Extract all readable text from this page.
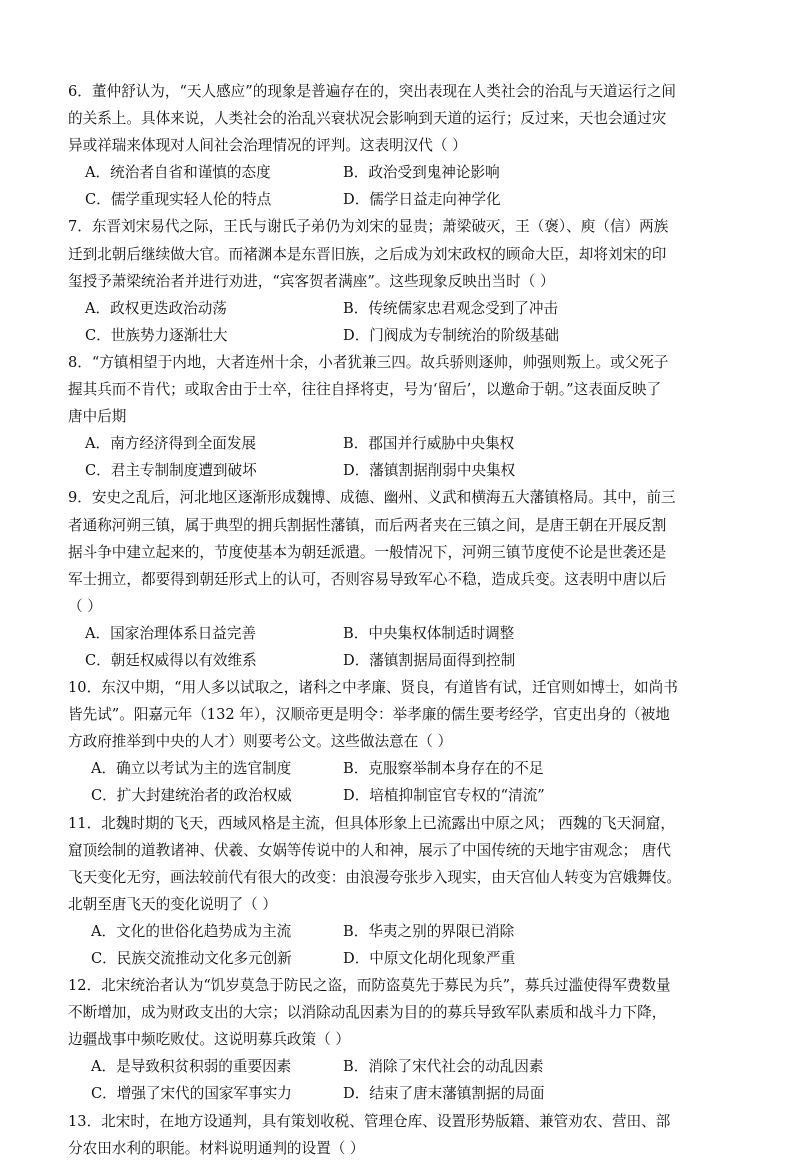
6．董仲舒认为，“天人感应”的现象是普遍存在的，突出表现在人类社会的治乱与天道运行之间
的关系上。具体来说，人类社会的治乱兴衰状况会影响到天道的运行；反过来，天也会通过灾
异或祥瑞来体现对人间社会治理情况的评判。这表明汉代（ ）
A．统治者自省和谨慎的态度	B．政治受到鬼神论影响
C．儒学重现实轻人伦的特点	D．儒学日益走向神学化
7．东晋刘宋易代之际，王氏与谢氏子弟仍为刘宋的显贵；萧梁破灭，王（褒）、庾（信）两族
迁到北朝后继续做大官。而褚渊本是东晋旧族，之后成为刘宋政权的顾命大臣，却将刘宋的印
玺授予萧梁统治者并进行劝进，“宾客贺者满座”。这些现象反映出当时（ ）
A．政权更迭政治动荡	B．传统儒家忠君观念受到了冲击
C．世族势力逐渐壮大	D．门阀成为专制统治的阶级基础
8．“方镇相望于内地，大者连州十余，小者犹兼三四。故兵骄则逐帅，帅强则叛上。或父死子
握其兵而不肯代；或取舍由于士卒，往往自择将吏，号为‘留后’，以邀命于朝。”这表面反映了
唐中后期
A．南方经济得到全面发展	B．郡国并行威胁中央集权
C．君主专制制度遭到破坏	D．藩镇割据削弱中央集权
9．安史之乱后，河北地区逐渐形成魏博、成德、幽州、义武和横海五大藩镇格局。其中，前三
者通称河朔三镇，属于典型的拥兵割据性藩镇，而后两者夹在三镇之间，是唐王朝在开展反割
据斗争中建立起来的，节度使基本为朝廷派遣。一般情况下，河朔三镇节度使不论是世袭还是
军士拥立，都要得到朝廷形式上的认可，否则容易导致军心不稳，造成兵变。这表明中唐以后
（ ）
A．国家治理体系日益完善	B．中央集权体制适时调整
C．朝廷权威得以有效维系	D．藩镇割据局面得到控制
10．东汉中期，“用人多以试取之，诸科之中孝廉、贤良，有道皆有试，迁官则如博士，如尚书
皆先试”。阳嘉元年（132 年），汉顺帝更是明令：举孝廉的儒生要考经学，官吏出身的（被地
方政府推举到中央的人才）则要考公文。这些做法意在（ ）
A．确立以考试为主的选官制度	B．克服察举制本身存在的不足
C．扩大封建统治者的政治权威	D．培植抑制宦官专权的“清流”
11．北魏时期的飞天，西域风格是主流，但具体形象上已流露出中原之风； 西魏的飞天洞窟，
窟顶绘制的道教诸神、伏羲、女娲等传说中的人和神，展示了中国传统的天地宇宙观念； 唐代
飞天变化无穷，画法较前代有很大的改变：由浪漫夸张步入现实，由天宫仙人转变为宫娥舞伎。
北朝至唐飞天的变化说明了（ ）
A．文化的世俗化趋势成为主流	B．华夷之别的界限已消除
C．民族交流推动文化多元创新	D．中原文化胡化现象严重
12．北宋统治者认为“饥岁莫急于防民之盗，而防盗莫先于募民为兵”，募兵过滥使得军费数量
不断增加，成为财政支出的大宗；以消除动乱因素为目的的募兵导致军队素质和战斗力下降，
边疆战事中频吃败仗。这说明募兵政策（ ）
A．是导致积贫积弱的重要因素	B．消除了宋代社会的动乱因素
C．增强了宋代的国家军事实力	D．结束了唐末藩镇割据的局面
13．北宋时，在地方设通判，具有策划收税、管理仓库、设置形势版籍、兼管劝农、营田、部
分农田水利的职能。材料说明通判的设置（ ）
